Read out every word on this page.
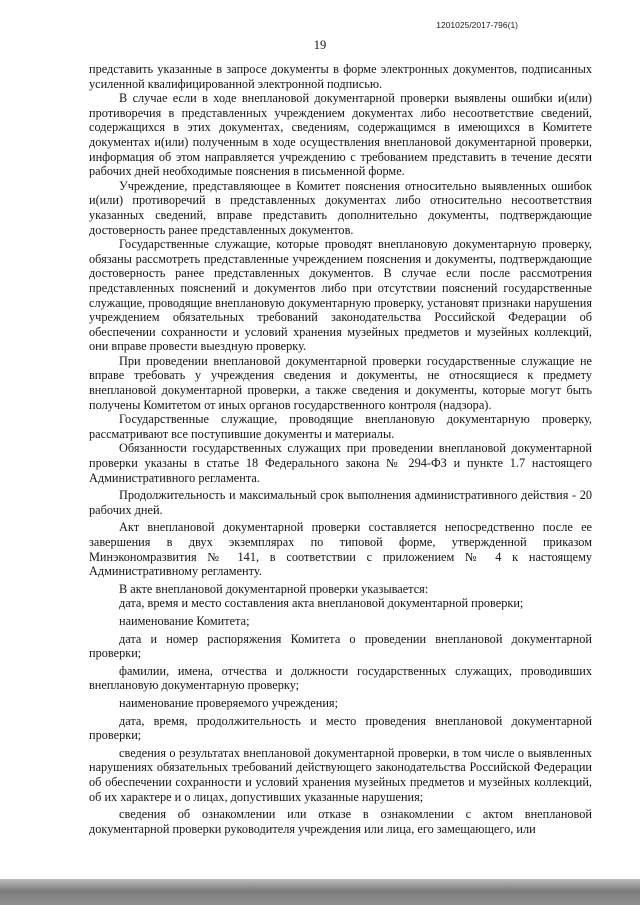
1201025/2017-796(1)
19

представить указанные в запросе документы в форме электронных документов, подписанных усиленной квалифицированной электронной подписью.

В случае если в ходе внеплановой документарной проверки выявлены ошибки и(или) противоречия в представленных учреждением документах либо несоответствие сведений, содержащихся в этих документах, сведениям, содержащимся в имеющихся в Комитете документах и(или) полученным в ходе осуществления внеплановой документарной проверки, информация об этом направляется учреждению с требованием представить в течение десяти рабочих дней необходимые пояснения в письменной форме.

Учреждение, представляющее в Комитет пояснения относительно выявленных ошибок и(или) противоречий в представленных документах либо относительно несоответствия указанных сведений, вправе представить дополнительно документы, подтверждающие достоверность ранее представленных документов.

Государственные служащие, которые проводят внеплановую документарную проверку, обязаны рассмотреть представленные учреждением пояснения и документы, подтверждающие достоверность ранее представленных документов. В случае если после рассмотрения представленных пояснений и документов либо при отсутствии пояснений государственные служащие, проводящие внеплановую документарную проверку, установят признаки нарушения учреждением обязательных требований законодательства Российской Федерации об обеспечении сохранности и условий хранения музейных предметов и музейных коллекций, они вправе провести выездную проверку.

При проведении внеплановой документарной проверки государственные служащие не вправе требовать у учреждения сведения и документы, не относящиеся к предмету внеплановой документарной проверки, а также сведения и документы, которые могут быть получены Комитетом от иных органов государственного контроля (надзора).

Государственные служащие, проводящие внеплановую документарную проверку, рассматривают все поступившие документы и материалы.

Обязанности государственных служащих при проведении внеплановой документарной проверки указаны в статье 18 Федерального закона № 294-ФЗ и пункте 1.7 настоящего Административного регламента.

Продолжительность и максимальный срок выполнения административного действия - 20 рабочих дней.

Акт внеплановой документарной проверки составляется непосредственно после ее завершения в двух экземплярах по типовой форме, утвержденной приказом Минэкономразвития № 141, в соответствии с приложением № 4 к настоящему Административному регламенту.

В акте внеплановой документарной проверки указывается:

дата, время и место составления акта внеплановой документарной проверки;

наименование Комитета;

дата и номер распоряжения Комитета о проведении внеплановой документарной проверки;

фамилии, имена, отчества и должности государственных служащих, проводивших внеплановую документарную проверку;

наименование проверяемого учреждения;

дата, время, продолжительность и место проведения внеплановой документарной проверки;

сведения о результатах внеплановой документарной проверки, в том числе о выявленных нарушениях обязательных требований действующего законодательства Российской Федерации об обеспечении сохранности и условий хранения музейных предметов и музейных коллекций, об их характере и о лицах, допустивших указанные нарушения;

сведения об ознакомлении или отказе в ознакомлении с актом внеплановой документарной проверки руководителя учреждения или лица, его замещающего, или
